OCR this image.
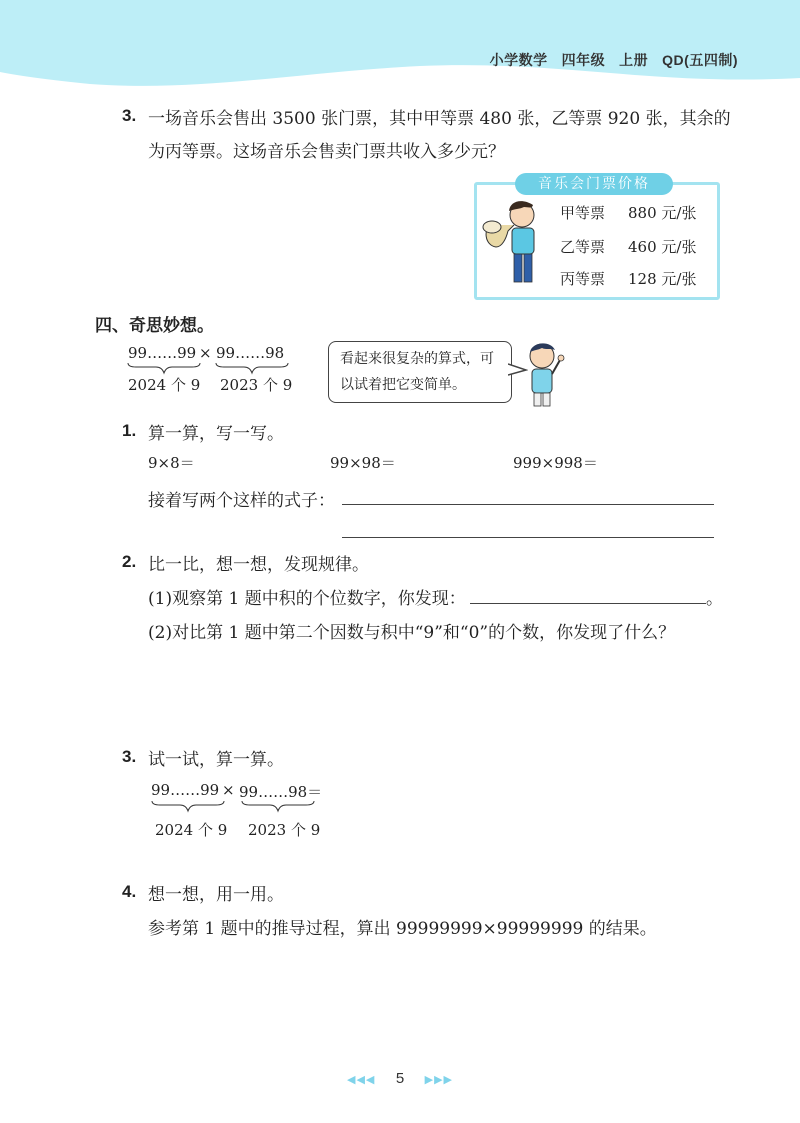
小学数学 四年级 上册 QD(五四制)
3. 一场音乐会售出 3500 张门票，其中甲等票 480 张，乙等票 920 张，其余的
为丙等票。这场音乐会售卖门票共收入多少元？
音乐会门票价格
甲等票 880 元/张
乙等票 460 元/张
丙等票 128 元/张
四、奇思妙想。
99……99 × 99……98
2024 个 9 2023 个 9
看起来很复杂的算式，可以试着把它变简单。
1. 算一算，写一写。
9×8＝	99×98＝	999×998＝
接着写两个这样的式子：
2. 比一比，想一想，发现规律。
(1)观察第 1 题中积的个位数字，你发现：	。
(2)对比第 1 题中第二个因数与积中“9”和“0”的个数，你发现了什么？
3. 试一试，算一算。
99……99 × 99……98＝
2024 个 9 2023 个 9
4. 想一想，用一用。
参考第 1 题中的推导过程，算出 99999999×99999999 的结果。
◀◀◀ 5 ▶▶▶
